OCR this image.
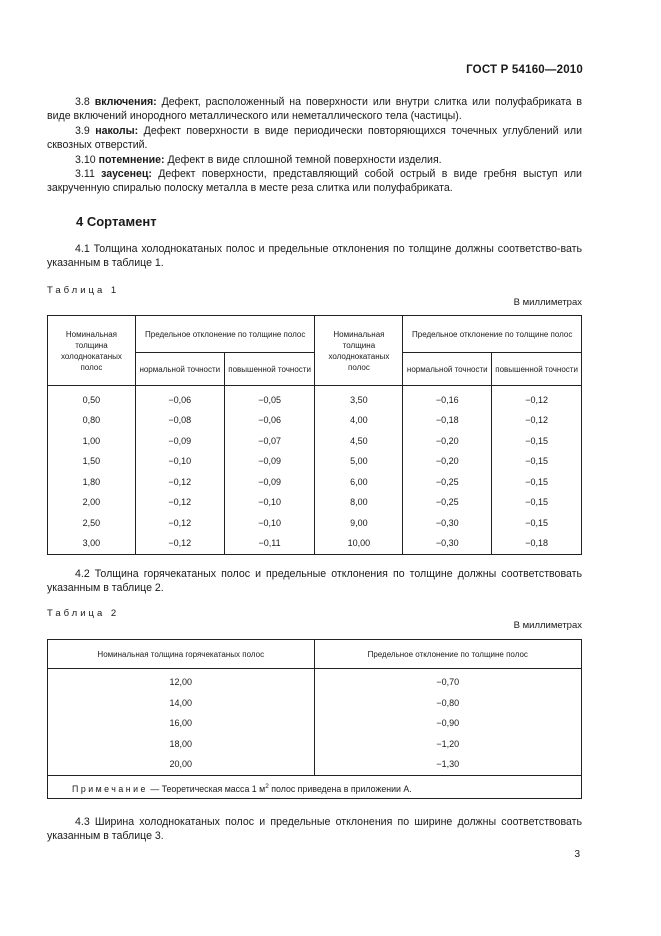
ГОСТ Р 54160—2010

3.8 включения: Дефект, расположенный на поверхности или внутри слитка или полуфабриката в виде включений инородного металлического или неметаллического тела (частицы).

3.9 наколы: Дефект поверхности в виде периодически повторяющихся точечных углублений или сквозных отверстий.

3.10 потемнение: Дефект в виде сплошной темной поверхности изделия.

3.11 заусенец: Дефект поверхности, представляющий собой острый в виде гребня выступ или закрученную спиралью полоску металла в месте реза слитка или полуфабриката.

4 Сортамент

4.1 Толщина холоднокатаных полос и предельные отклонения по толщине должны соответство-вать указанным в таблице 1.

Таблица 1
В миллиметрах
Номинальная толщина холоднокатаных полос	Предельное отклонение по толщине полос		Номинальная толщина холоднокатаных полос	Предельное отклонение по толщине полос	
	нормальной точности	повышенной точности		нормальной точности	повышенной точности
0,50	−0,06	−0,05	3,50	−0,16	−0,12
0,80	−0,08	−0,06	4,00	−0,18	−0,12
1,00	−0,09	−0,07	4,50	−0,20	−0,15
1,50	−0,10	−0,09	5,00	−0,20	−0,15
1,80	−0,12	−0,09	6,00	−0,25	−0,15
2,00	−0,12	−0,10	8,00	−0,25	−0,15
2,50	−0,12	−0,10	9,00	−0,30	−0,15
3,00	−0,12	−0,11	10,00	−0,30	−0,18

4.2 Толщина горячекатаных полос и предельные отклонения по толщине должны соответствовать указанным в таблице 2.

Таблица 2
В миллиметрах
Номинальная толщина горячекатаных полос	Предельное отклонение по толщине полос
12,00	−0,70
14,00	−0,80
16,00	−0,90
18,00	−1,20
20,00	−1,30
Примечание — Теоретическая масса 1 $м^2$ полос приведена в приложении А.	

4.3 Ширина холоднокатаных полос и предельные отклонения по ширине должны соответствовать указанным в таблице 3.

3
